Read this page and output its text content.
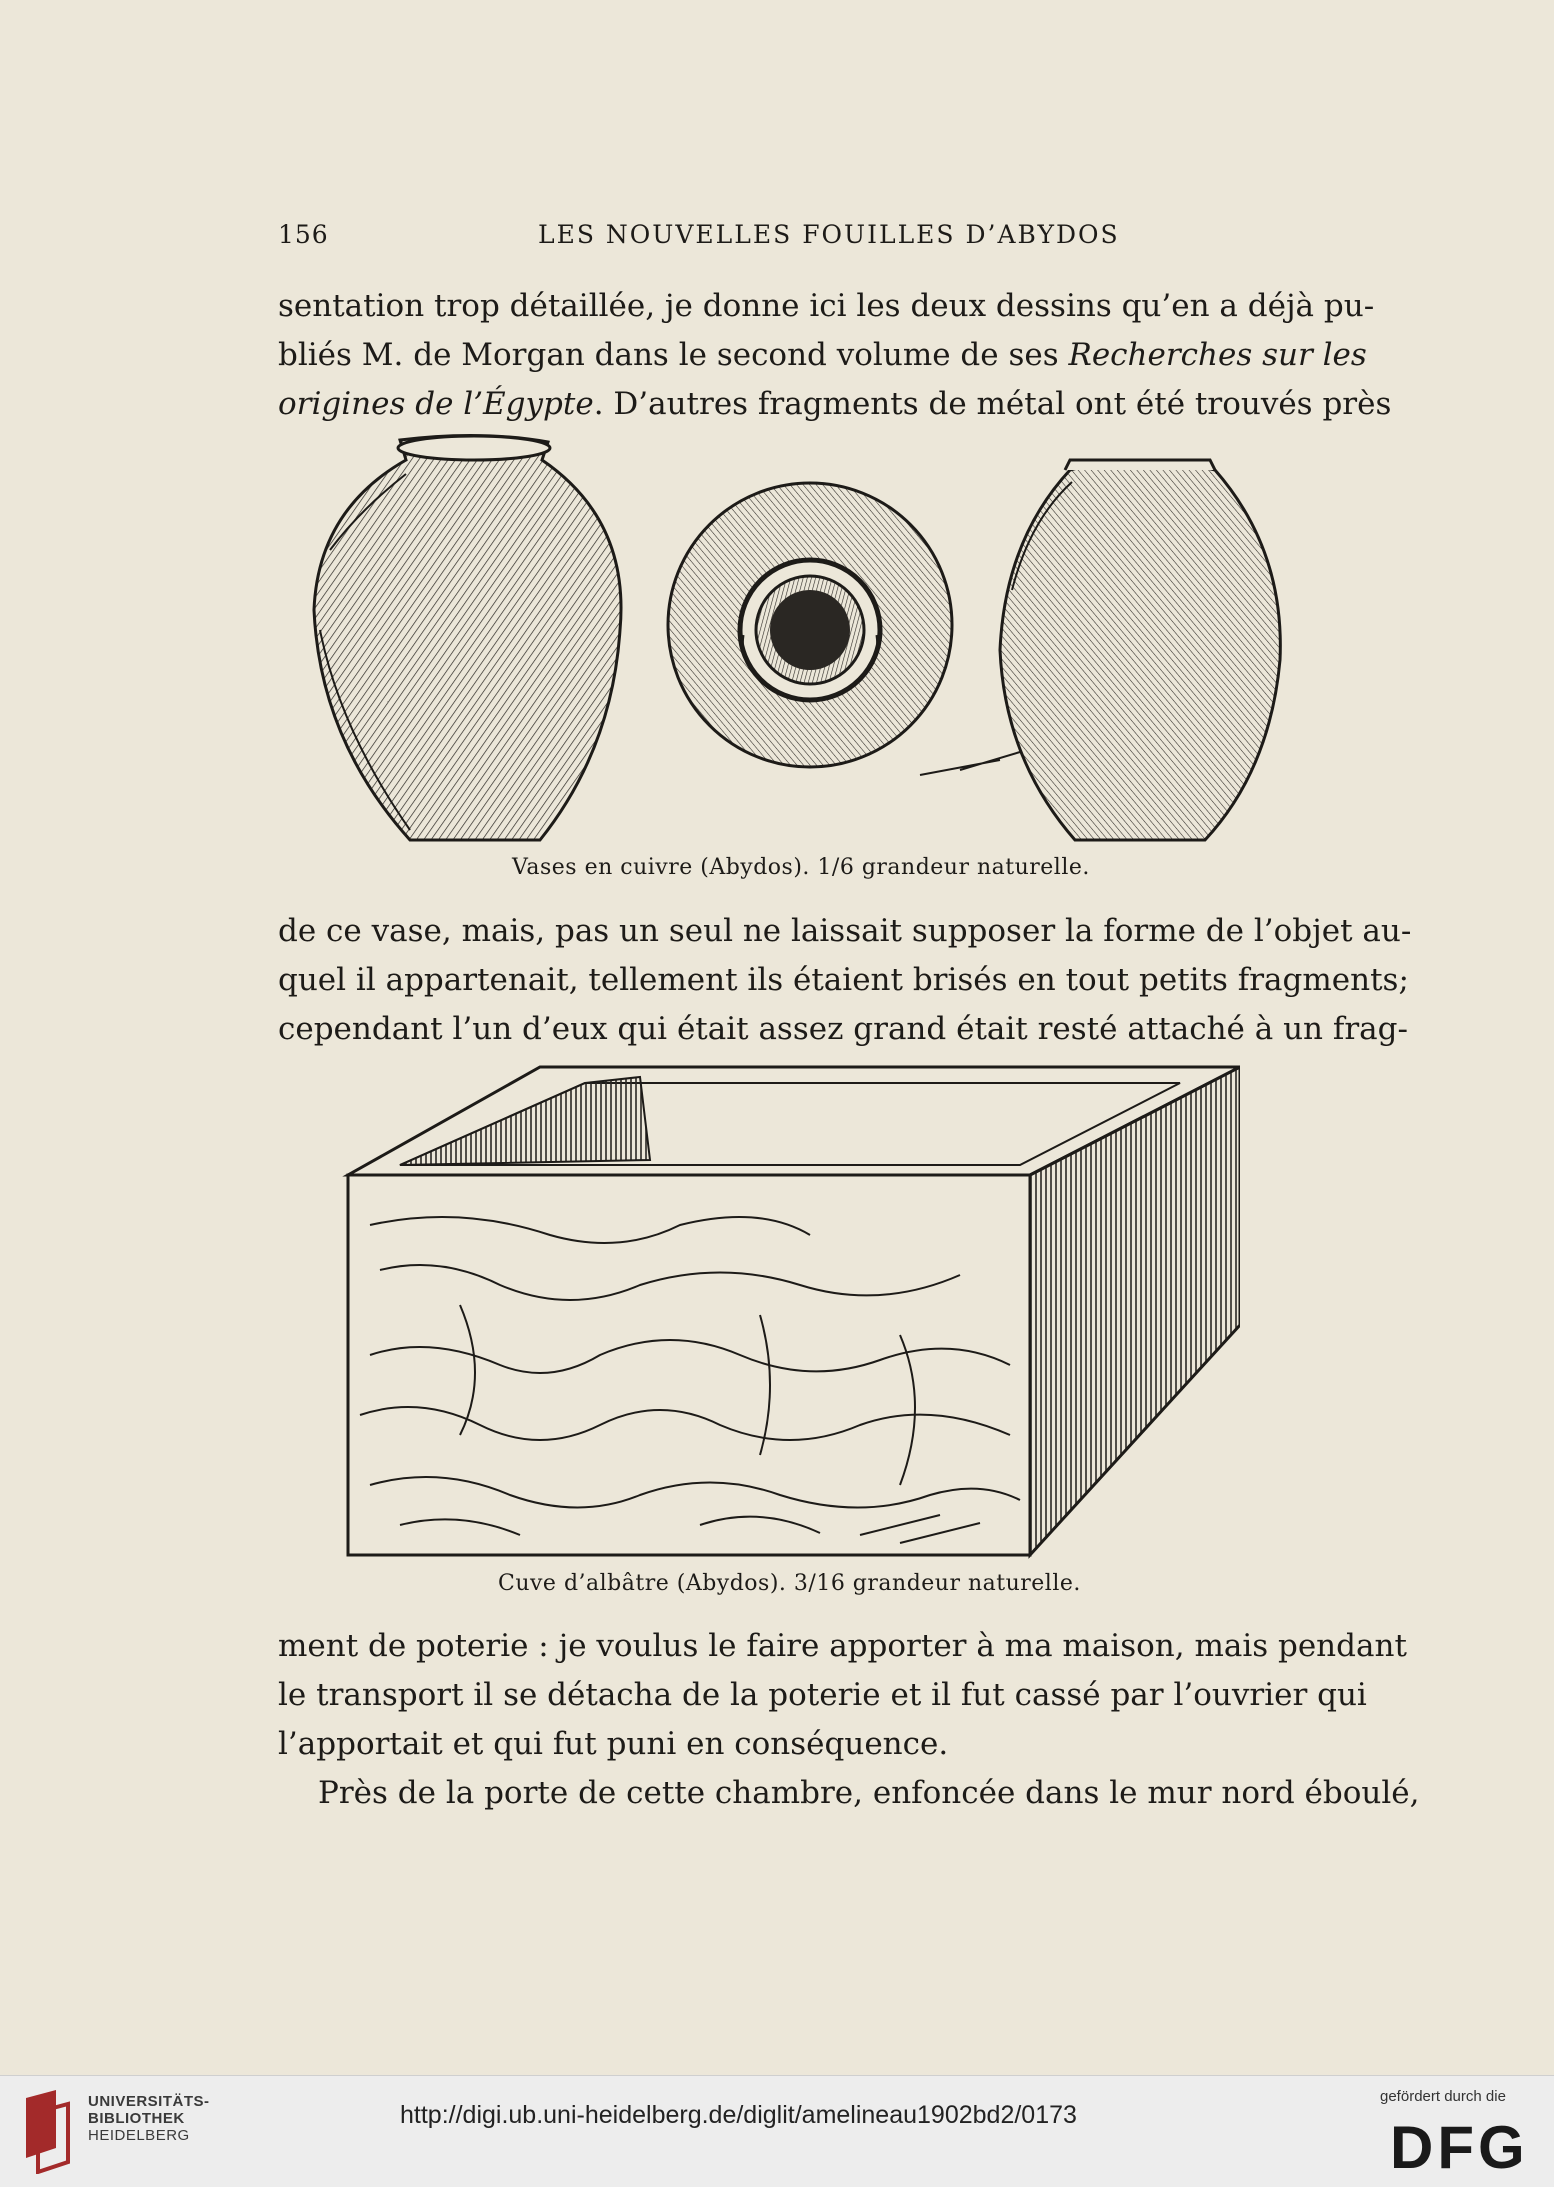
156	LES NOUVELLES FOUILLES D’ABYDOS
sentation trop détaillée, je donne ici les deux dessins qu’en a déjà pu-
bliés M. de Morgan dans le second volume de ses Recherches sur les
origines de l’Égypte. D’autres fragments de métal ont été trouvés près
Vases en cuivre (Abydos). 1/6 grandeur naturelle.
de ce vase, mais, pas un seul ne laissait supposer la forme de l’objet au-
quel il appartenait, tellement ils étaient brisés en tout petits fragments;
cependant l’un d’eux qui était assez grand était resté attaché à un frag-
Cuve d’albâtre (Abydos). 3/16 grandeur naturelle.
ment de poterie : je voulus le faire apporter à ma maison, mais pendant
le transport il se détacha de la poterie et il fut cassé par l’ouvrier qui
l’apportait et qui fut puni en conséquence.
Près de la porte de cette chambre, enfoncée dans le mur nord éboulé,
UNIVERSITÄTS-
BIBLIOTHEK
HEIDELBERG
http://digi.ub.uni-heidelberg.de/diglit/amelineau1902bd2/0173
gefördert durch die
DFG
